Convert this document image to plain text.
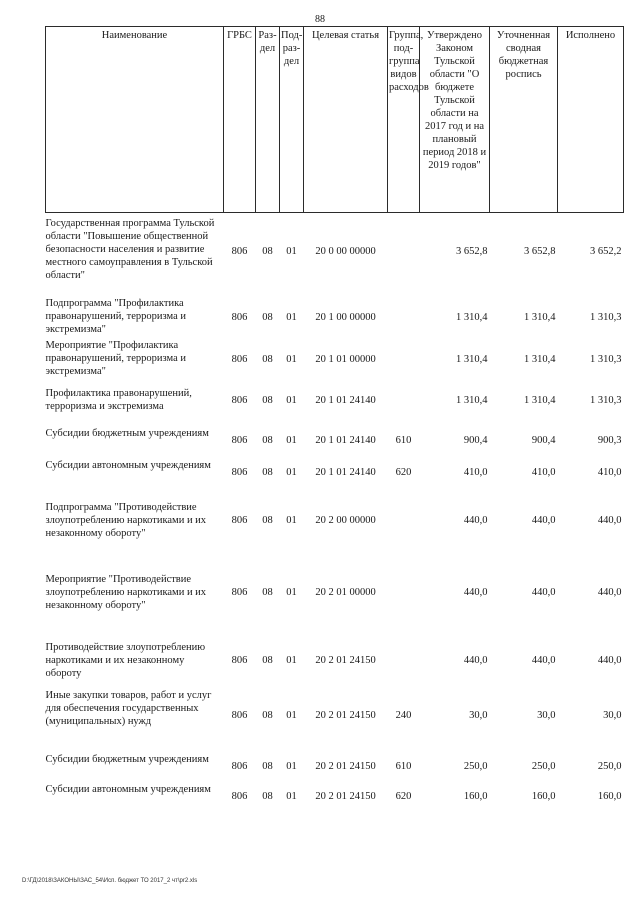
88
Наименование	ГРБС	Раз-дел	Под-раз-дел	Целевая статья	Группа, под-группа видов расходов	Утверждено Законом Тульской области "О бюджете Тульской области на 2017 год и на плановый период 2018 и 2019 годов"	Уточненная сводная бюджетная роспись	Исполнено
Государственная программа Тульской области "Повышение общественной безопасности населения и развитие местного самоуправления в Тульской области"	806	08	01	20 0 00 00000		3 652,8	3 652,8	3 652,2
Подпрограмма "Профилактика правонарушений, терроризма и экстремизма"	806	08	01	20 1 00 00000		1 310,4	1 310,4	1 310,3
Мероприятие "Профилактика правонарушений, терроризма и экстремизма"	806	08	01	20 1 01 00000		1 310,4	1 310,4	1 310,3
Профилактика правонарушений, терроризма и экстремизма	806	08	01	20 1 01 24140		1 310,4	1 310,4	1 310,3
Субсидии бюджетным учреждениям	806	08	01	20 1 01 24140	610	900,4	900,4	900,3
Субсидии автономным учреждениям	806	08	01	20 1 01 24140	620	410,0	410,0	410,0
Подпрограмма "Противодействие злоупотреблению наркотиками и их незаконному обороту"	806	08	01	20 2 00 00000		440,0	440,0	440,0
Мероприятие "Противодействие злоупотреблению наркотиками и их незаконному обороту"	806	08	01	20 2 01 00000		440,0	440,0	440,0
Противодействие злоупотреблению наркотиками и их незаконному обороту	806	08	01	20 2 01 24150		440,0	440,0	440,0
Иные закупки товаров, работ и услуг для обеспечения государственных (муниципальных) нужд	806	08	01	20 2 01 24150	240	30,0	30,0	30,0
Субсидии бюджетным учреждениям	806	08	01	20 2 01 24150	610	250,0	250,0	250,0
Субсидии автономным учреждениям	806	08	01	20 2 01 24150	620	160,0	160,0	160,0
D:\ГД\2018\ЗАКОНЫ\ЗАС_54\Исп. бюджет ТО 2017_2 чт\pr2.xls
